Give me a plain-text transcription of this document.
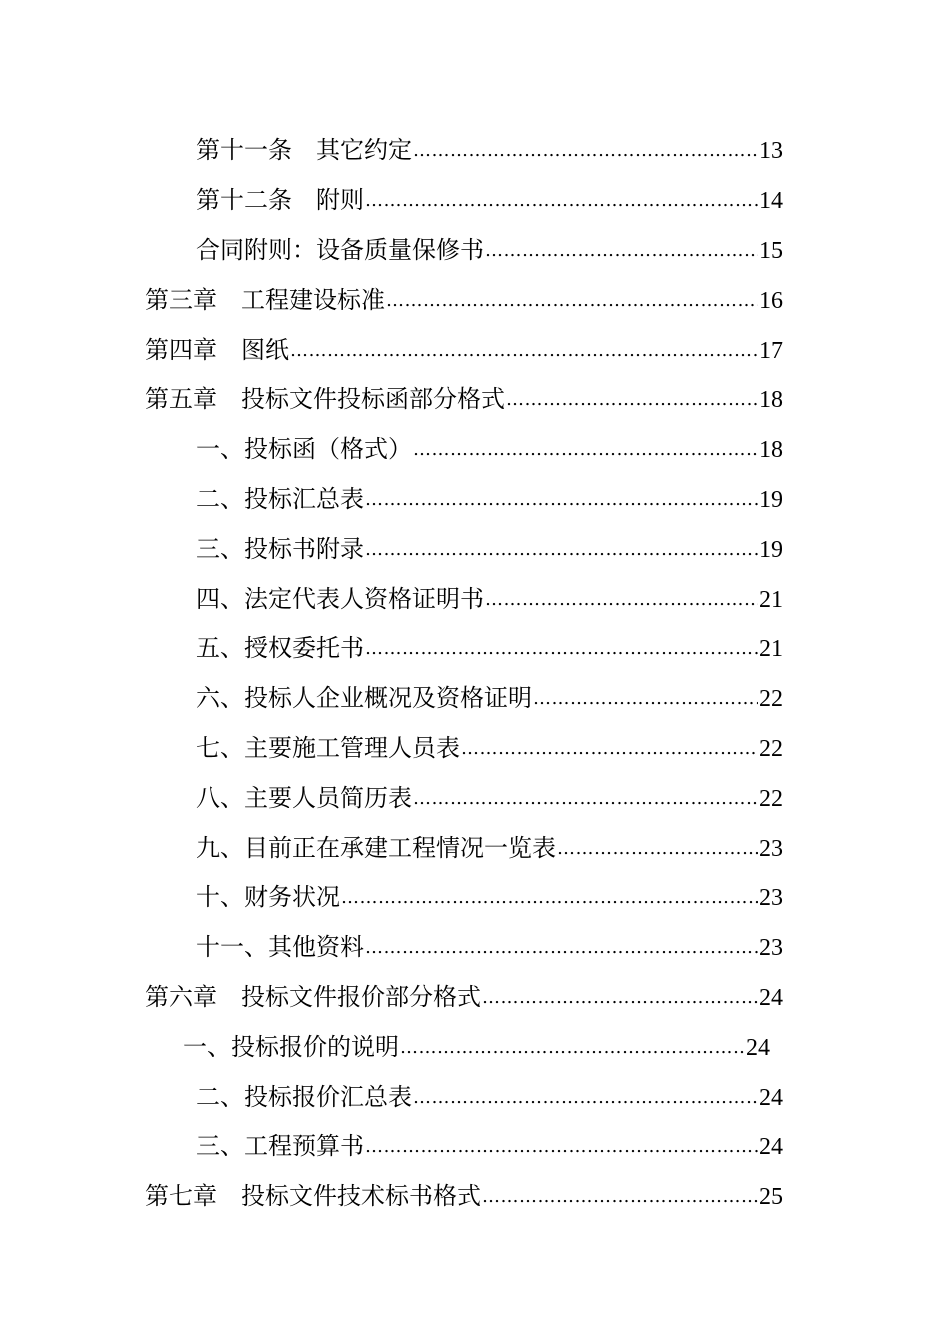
第十一条　其它约定 ………………………………………………………………………………………………………………………………………	13
第十二条　附则 ………………………………………………………………………………………………………………………………………	14
合同附则：设备质量保修书 ………………………………………………………………………………………………………………………………………	15
第三章　工程建设标准 ………………………………………………………………………………………………………………………………………	16
第四章　图纸 ………………………………………………………………………………………………………………………………………	17
第五章　投标文件投标函部分格式 ………………………………………………………………………………………………………………………………………	18
一、投标函（格式） ………………………………………………………………………………………………………………………………………	18
二、投标汇总表 ………………………………………………………………………………………………………………………………………	19
三、投标书附录 ………………………………………………………………………………………………………………………………………	19
四、法定代表人资格证明书 ………………………………………………………………………………………………………………………………………	21
五、授权委托书 ………………………………………………………………………………………………………………………………………	21
六、投标人企业概况及资格证明 ………………………………………………………………………………………………………………………………………	22
七、主要施工管理人员表 ………………………………………………………………………………………………………………………………………	22
八、主要人员简历表 ………………………………………………………………………………………………………………………………………	22
九、目前正在承建工程情况一览表 ………………………………………………………………………………………………………………………………………	23
十、财务状况 ………………………………………………………………………………………………………………………………………	23
十一、其他资料 ………………………………………………………………………………………………………………………………………	23
第六章　投标文件报价部分格式 ………………………………………………………………………………………………………………………………………	24
一、投标报价的说明 ………………………………………………………………………………………………………………………………………	24
二、投标报价汇总表 ………………………………………………………………………………………………………………………………………	24
三、工程预算书 ………………………………………………………………………………………………………………………………………	24
第七章　投标文件技术标书格式 ………………………………………………………………………………………………………………………………………	25
